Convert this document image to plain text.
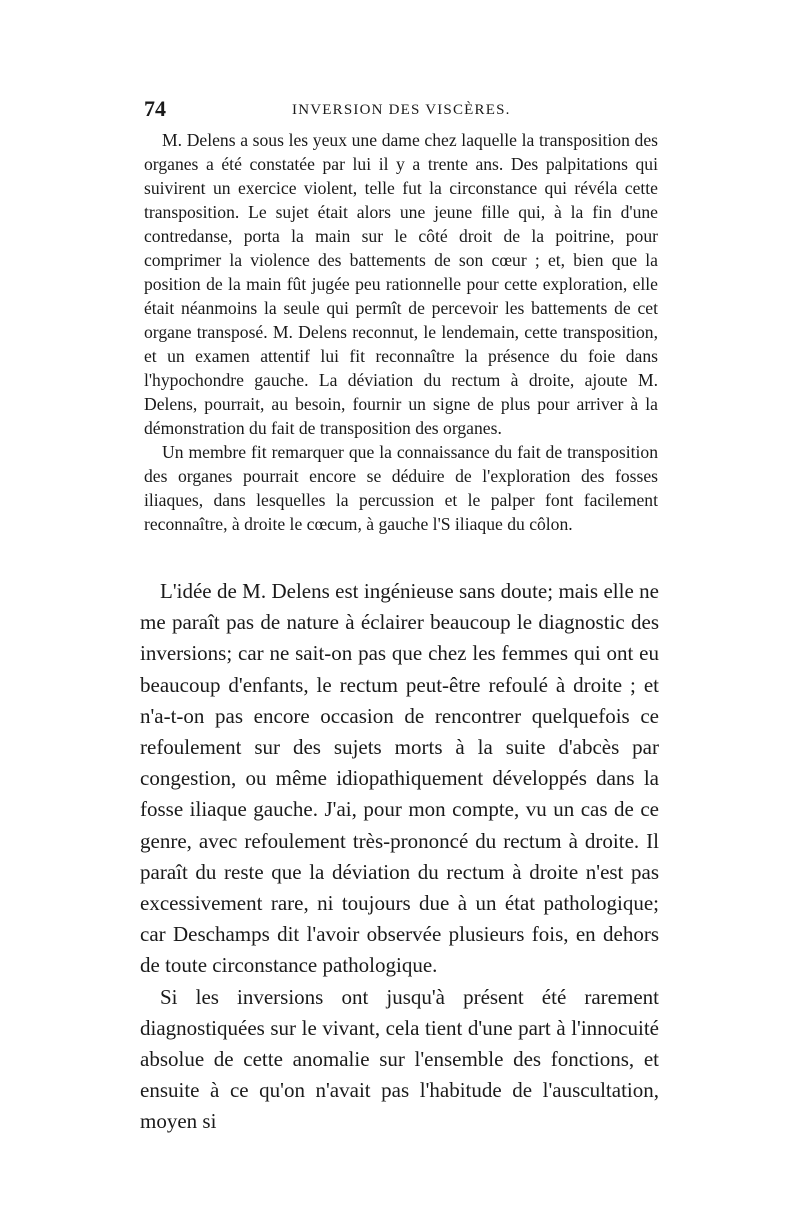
74	INVERSION DES VISCÈRES.

M. Delens a sous les yeux une dame chez laquelle la transposition des organes a été constatée par lui il y a trente ans. Des palpitations qui suivirent un exercice violent, telle fut la circonstance qui révéla cette transposition. Le sujet était alors une jeune fille qui, à la fin d'une contredanse, porta la main sur le côté droit de la poitrine, pour comprimer la violence des battements de son cœur ; et, bien que la position de la main fût jugée peu rationnelle pour cette exploration, elle était néanmoins la seule qui permît de percevoir les battements de cet organe transposé. M. Delens reconnut, le lendemain, cette transposition, et un examen attentif lui fit reconnaître la présence du foie dans l'hypochondre gauche. La déviation du rectum à droite, ajoute M. Delens, pourrait, au besoin, fournir un signe de plus pour arriver à la démonstration du fait de transposition des organes.

Un membre fit remarquer que la connaissance du fait de transposition des organes pourrait encore se déduire de l'exploration des fosses iliaques, dans lesquelles la percussion et le palper font facilement reconnaître, à droite le cœcum, à gauche l'S iliaque du côlon.

L'idée de M. Delens est ingénieuse sans doute; mais elle ne me paraît pas de nature à éclairer beaucoup le diagnostic des inversions; car ne sait-on pas que chez les femmes qui ont eu beaucoup d'enfants, le rectum peut-être refoulé à droite ; et n'a-t-on pas encore occasion de rencontrer quelquefois ce refoulement sur des sujets morts à la suite d'abcès par congestion, ou même idiopathiquement développés dans la fosse iliaque gauche. J'ai, pour mon compte, vu un cas de ce genre, avec refoulement très-prononcé du rectum à droite. Il paraît du reste que la déviation du rectum à droite n'est pas excessivement rare, ni toujours due à un état pathologique; car Deschamps dit l'avoir observée plusieurs fois, en dehors de toute circonstance pathologique.

Si les inversions ont jusqu'à présent été rarement diagnostiquées sur le vivant, cela tient d'une part à l'innocuité absolue de cette anomalie sur l'ensemble des fonctions, et ensuite à ce qu'on n'avait pas l'habitude de l'auscultation, moyen si
